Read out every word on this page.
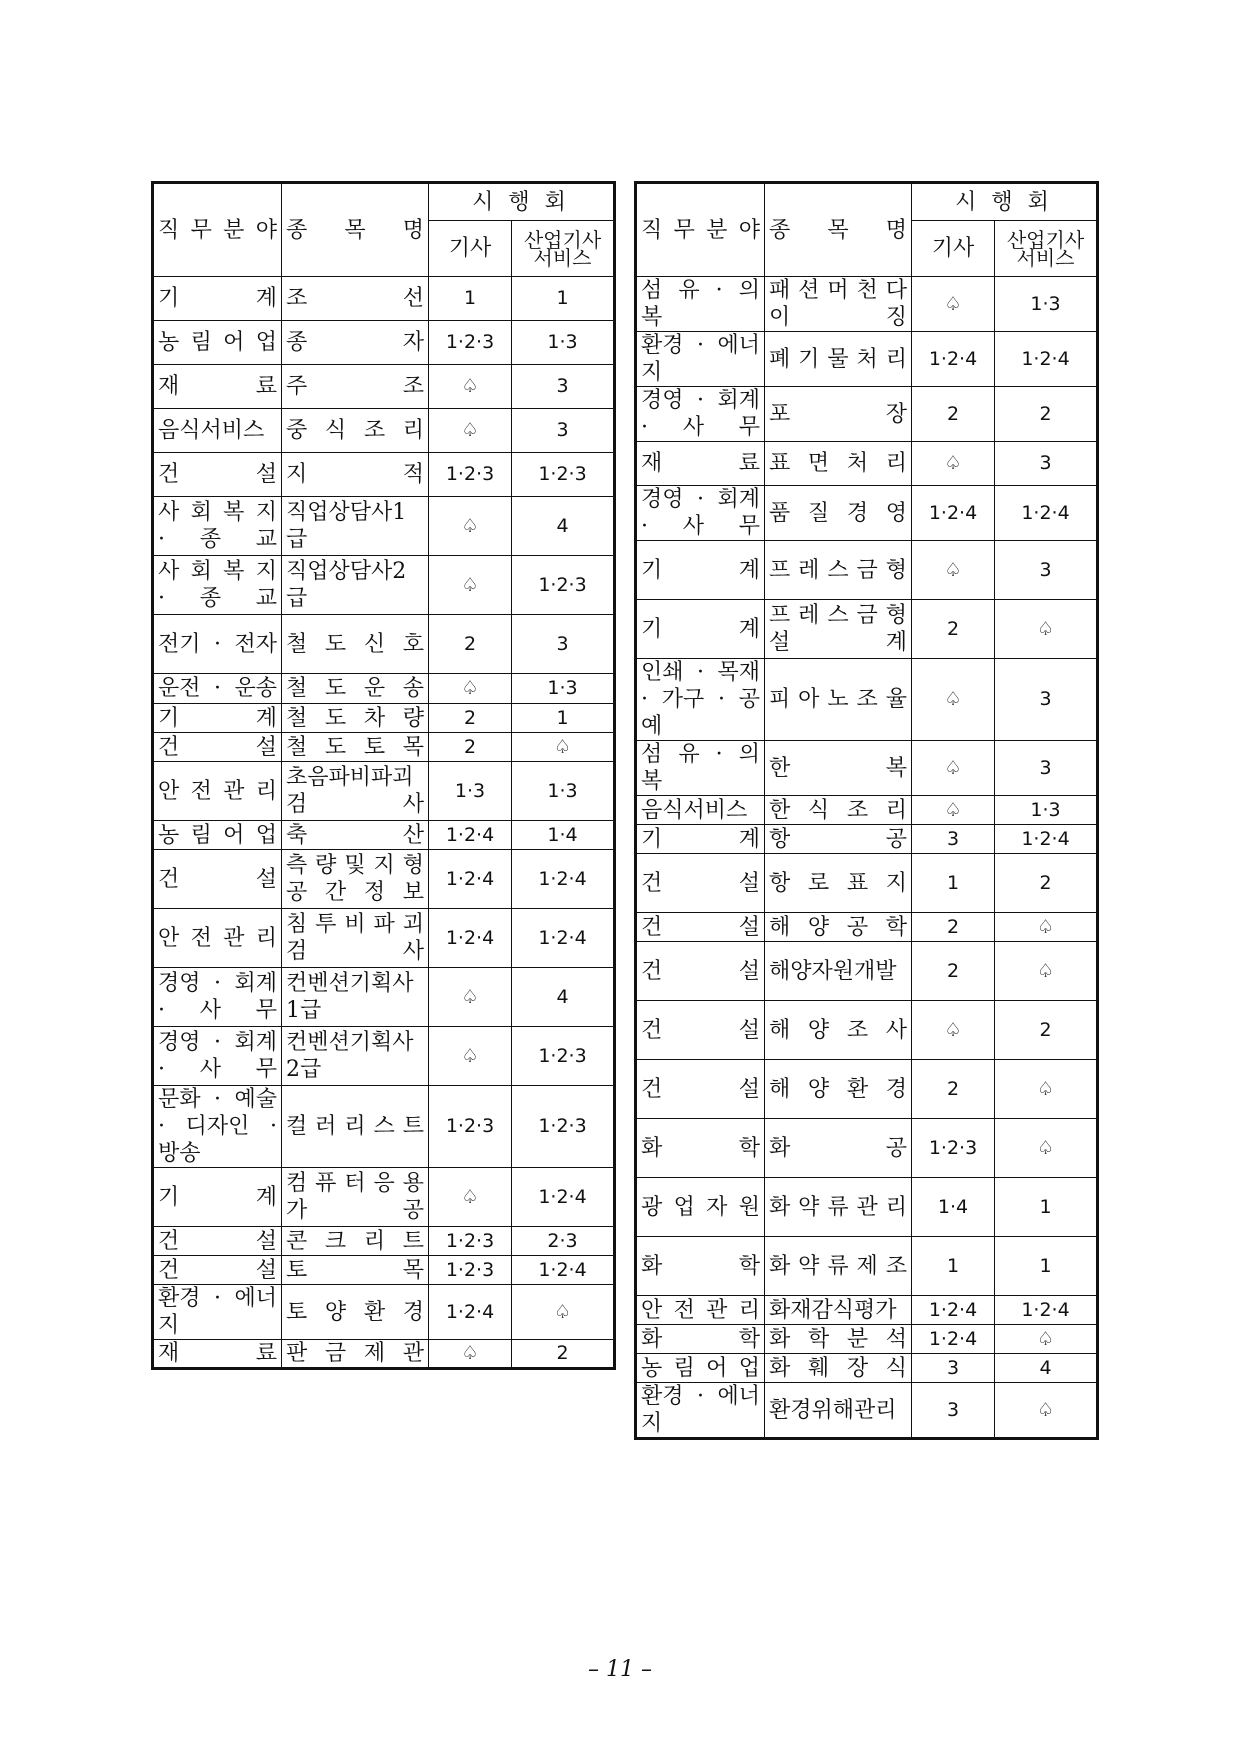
직 무 분 야	종 목 명	시 행 회	
		기사	산업기사
서비스
기 계	조 선	1	1
농 림 어 업	종 자	1·2·3	1·3
재 료	주 조	♤	3
음식서비스	중 식 조 리	♤	3
건 설	지 적	1·2·3	1·2·3
사 회 복 지 · 종 교	직업상담사1급	♤	4
사 회 복 지 · 종 교	직업상담사2급	♤	1·2·3
전기 · 전자	철 도 신 호	2	3
운전 · 운송	철 도 운 송	♤	1·3
기 계	철 도 차 량	2	1
건 설	철 도 토 목	2	♤
안 전 관 리	초음파비파괴 검 사	1·3	1·3
농 림 어 업	축 산	1·2·4	1·4
건 설	측 량 및 지 형 공 간 정 보	1·2·4	1·2·4
안 전 관 리	침 투 비 파 괴 검 사	1·2·4	1·2·4
경영 · 회계 · 사 무	컨벤션기획사1급	♤	4
경영 · 회계 · 사 무	컨벤션기획사2급	♤	1·2·3
문화 · 예술 · 디자인 · 방송	컬 러 리 스 트	1·2·3	1·2·3
기 계	컴 퓨 터 응 용 가 공	♤	1·2·4
건 설	콘 크 리 트	1·2·3	2·3
건 설	토 목	1·2·3	1·2·4
환경 · 에너지	토 양 환 경	1·2·4	♤
재 료	판 금 제 관	♤	2
직 무 분 야	종 목 명	시 행 회	
		기사	산업기사
서비스
섬 유 · 의 복	패 션 머 천 다 이 징	♤	1·3
환경 · 에너지	폐 기 물 처 리	1·2·4	1·2·4
경영 · 회계 · 사 무	포 장	2	2
재 료	표 면 처 리	♤	3
경영 · 회계 · 사 무	품 질 경 영	1·2·4	1·2·4
기 계	프 레 스 금 형	♤	3
기 계	프 레 스 금 형 설 계	2	♤
인쇄 · 목재 · 가구 · 공예	피 아 노 조 율	♤	3
섬 유 · 의 복	한 복	♤	3
음식서비스	한 식 조 리	♤	1·3
기 계	항 공	3	1·2·4
건 설	항 로 표 지	1	2
건 설	해 양 공 학	2	♤
건 설	해양자원개발	2	♤
건 설	해 양 조 사	♤	2
건 설	해 양 환 경	2	♤
화 학	화 공	1·2·3	♤
광 업 자 원	화 약 류 관 리	1·4	1
화 학	화 약 류 제 조	1	1
안 전 관 리	화재감식평가	1·2·4	1·2·4
화 학	화 학 분 석	1·2·4	♤
농 림 어 업	화 훼 장 식	3	4
환경 · 에너지	환경위해관리	3	♤
– 11 –
